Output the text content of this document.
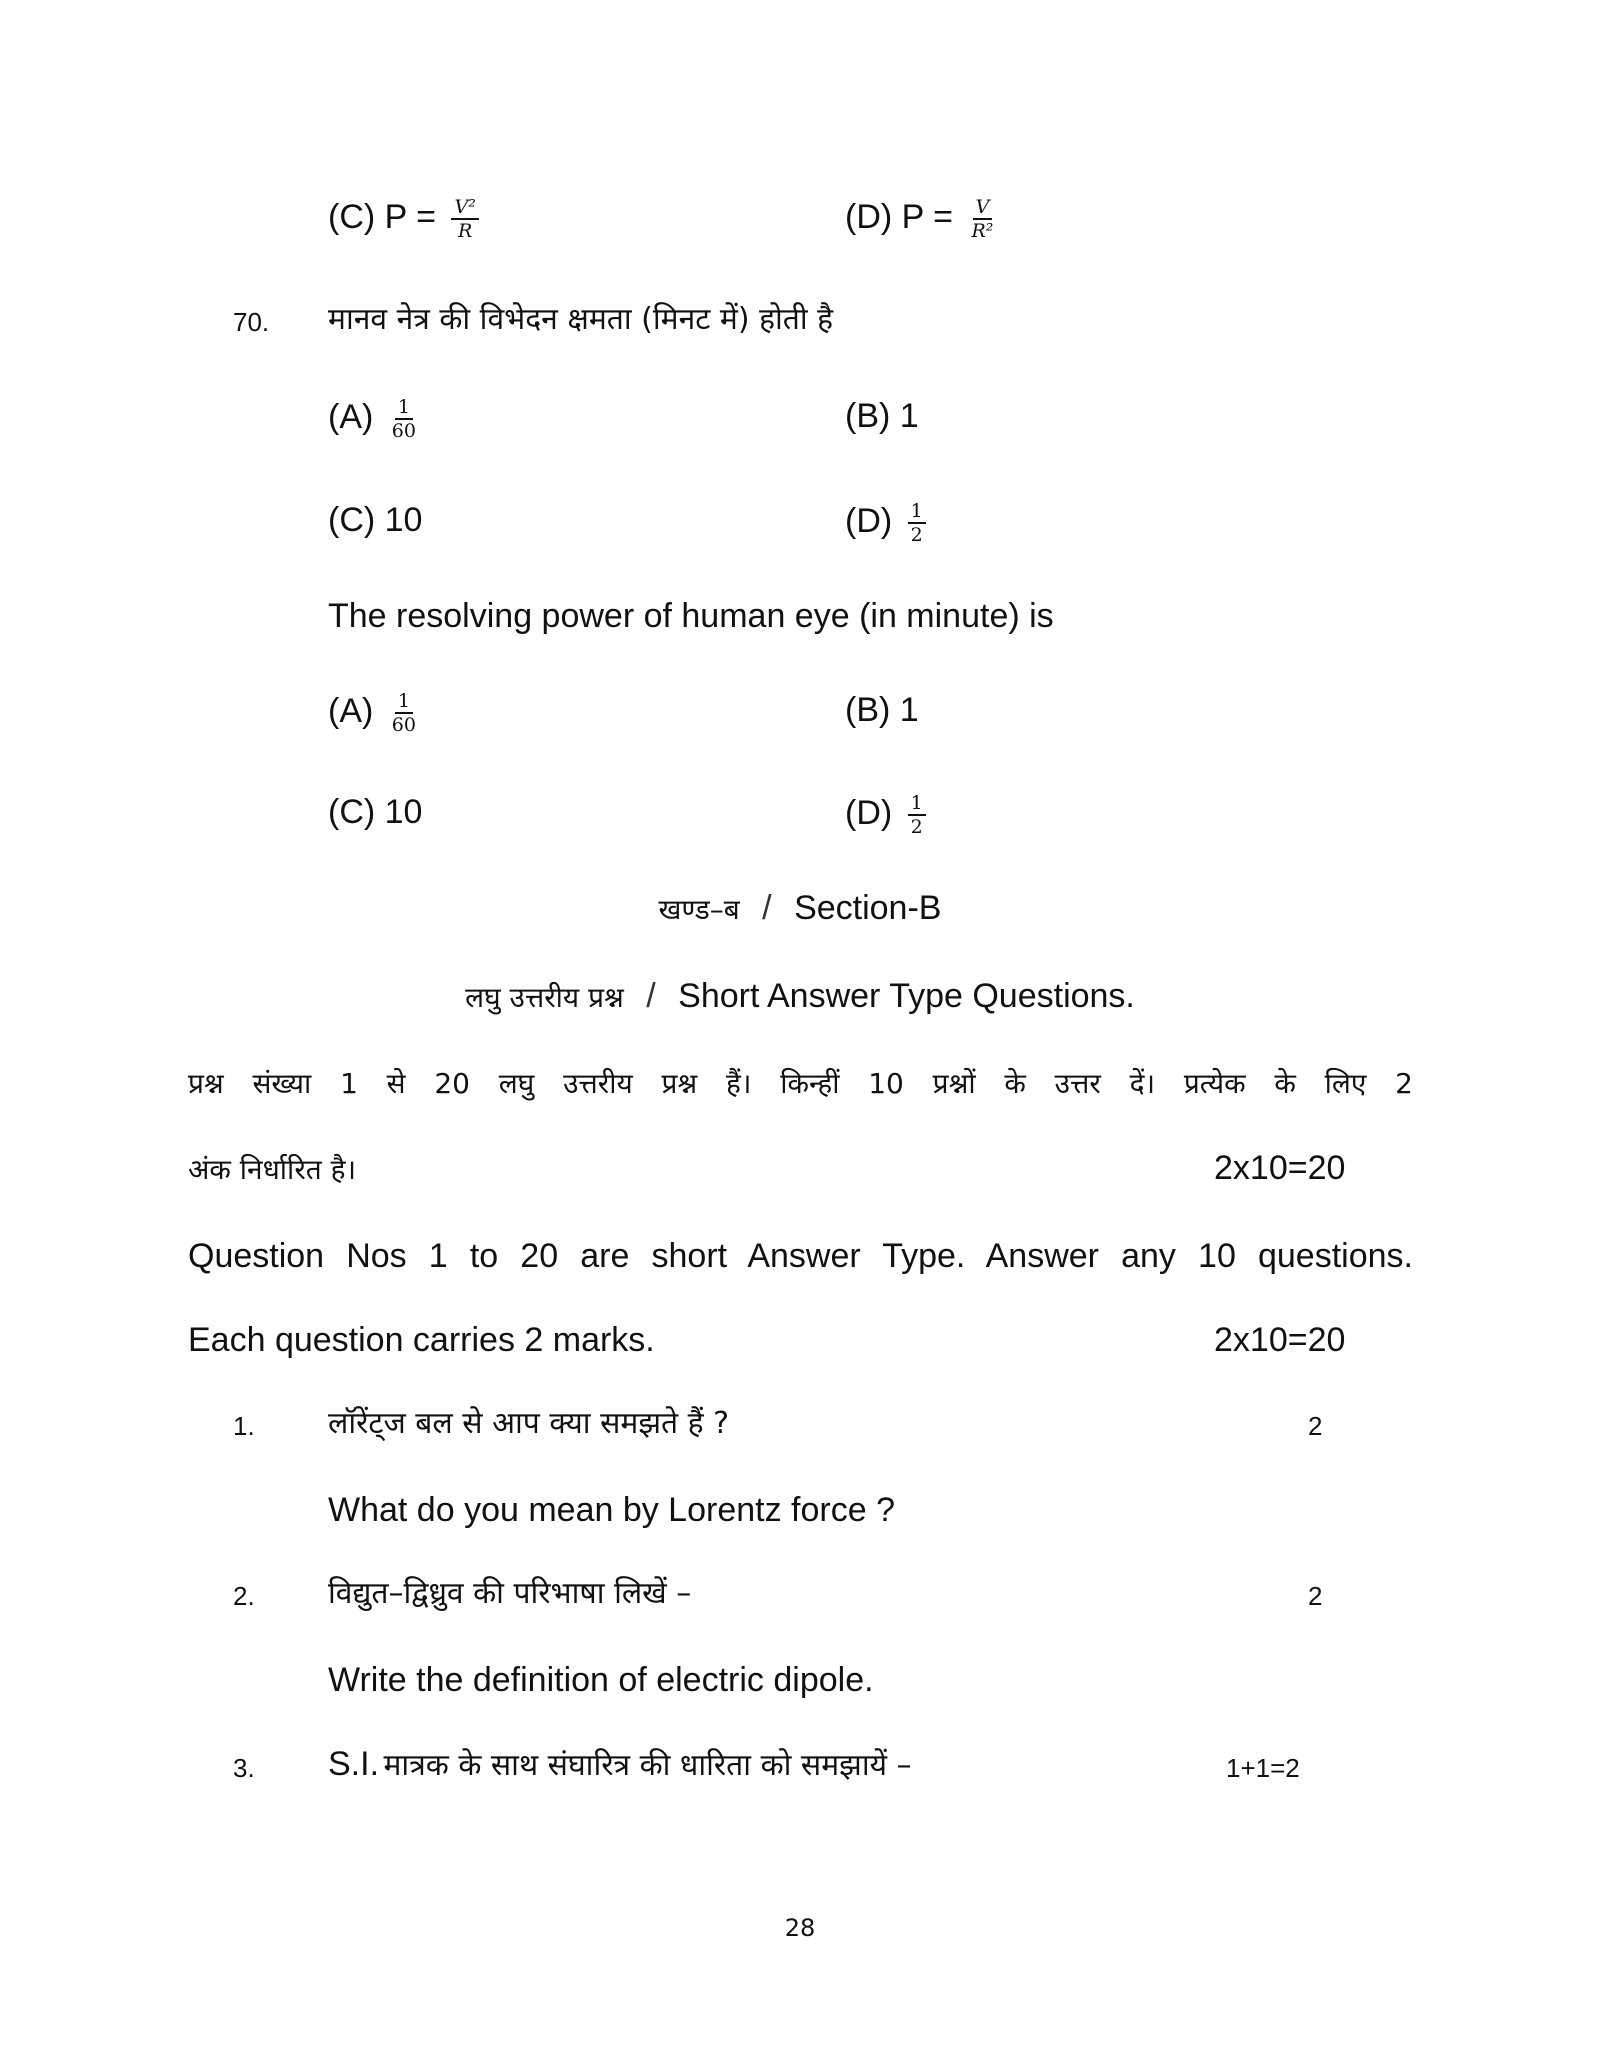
(C) $P = \frac{\text{V²}}{R}$	(D) $P = \frac{V}{\text{R²}}$
70. मानव नेत्र की विभेदन क्षमता (मिनट में) होती है
$(A) \frac{1}{60}$	(B) 1
(C) 10	$(D) \frac{1}{2}$
The resolving power of human eye (in minute) is
$(A) \frac{1}{60}$	(B) 1
(C) 10	$(D) \frac{1}{2}$
खण्ड–ब / Section-B
लघु उत्तरीय प्रश्न / Short Answer Type Questions.
प्रश्न संख्या 1 से 20 लघु उत्तरीय प्रश्न हैं। किन्हीं 10 प्रश्नों के उत्तर दें। प्रत्येक के लिए 2
अंक निर्धारित है।	2x10=20
Question Nos 1 to 20 are short Answer Type. Answer any 10 questions.
Each question carries 2 marks.	2x10=20
1. लॉरेंट्ज बल से आप क्या समझते हैं ?	2
What do you mean by Lorentz force ?
2. विद्युत–द्विध्रुव की परिभाषा लिखें –	2
Write the definition of electric dipole.
3. S.I. मात्रक के साथ संघारित्र की धारिता को समझायें –	1+1=2
28
